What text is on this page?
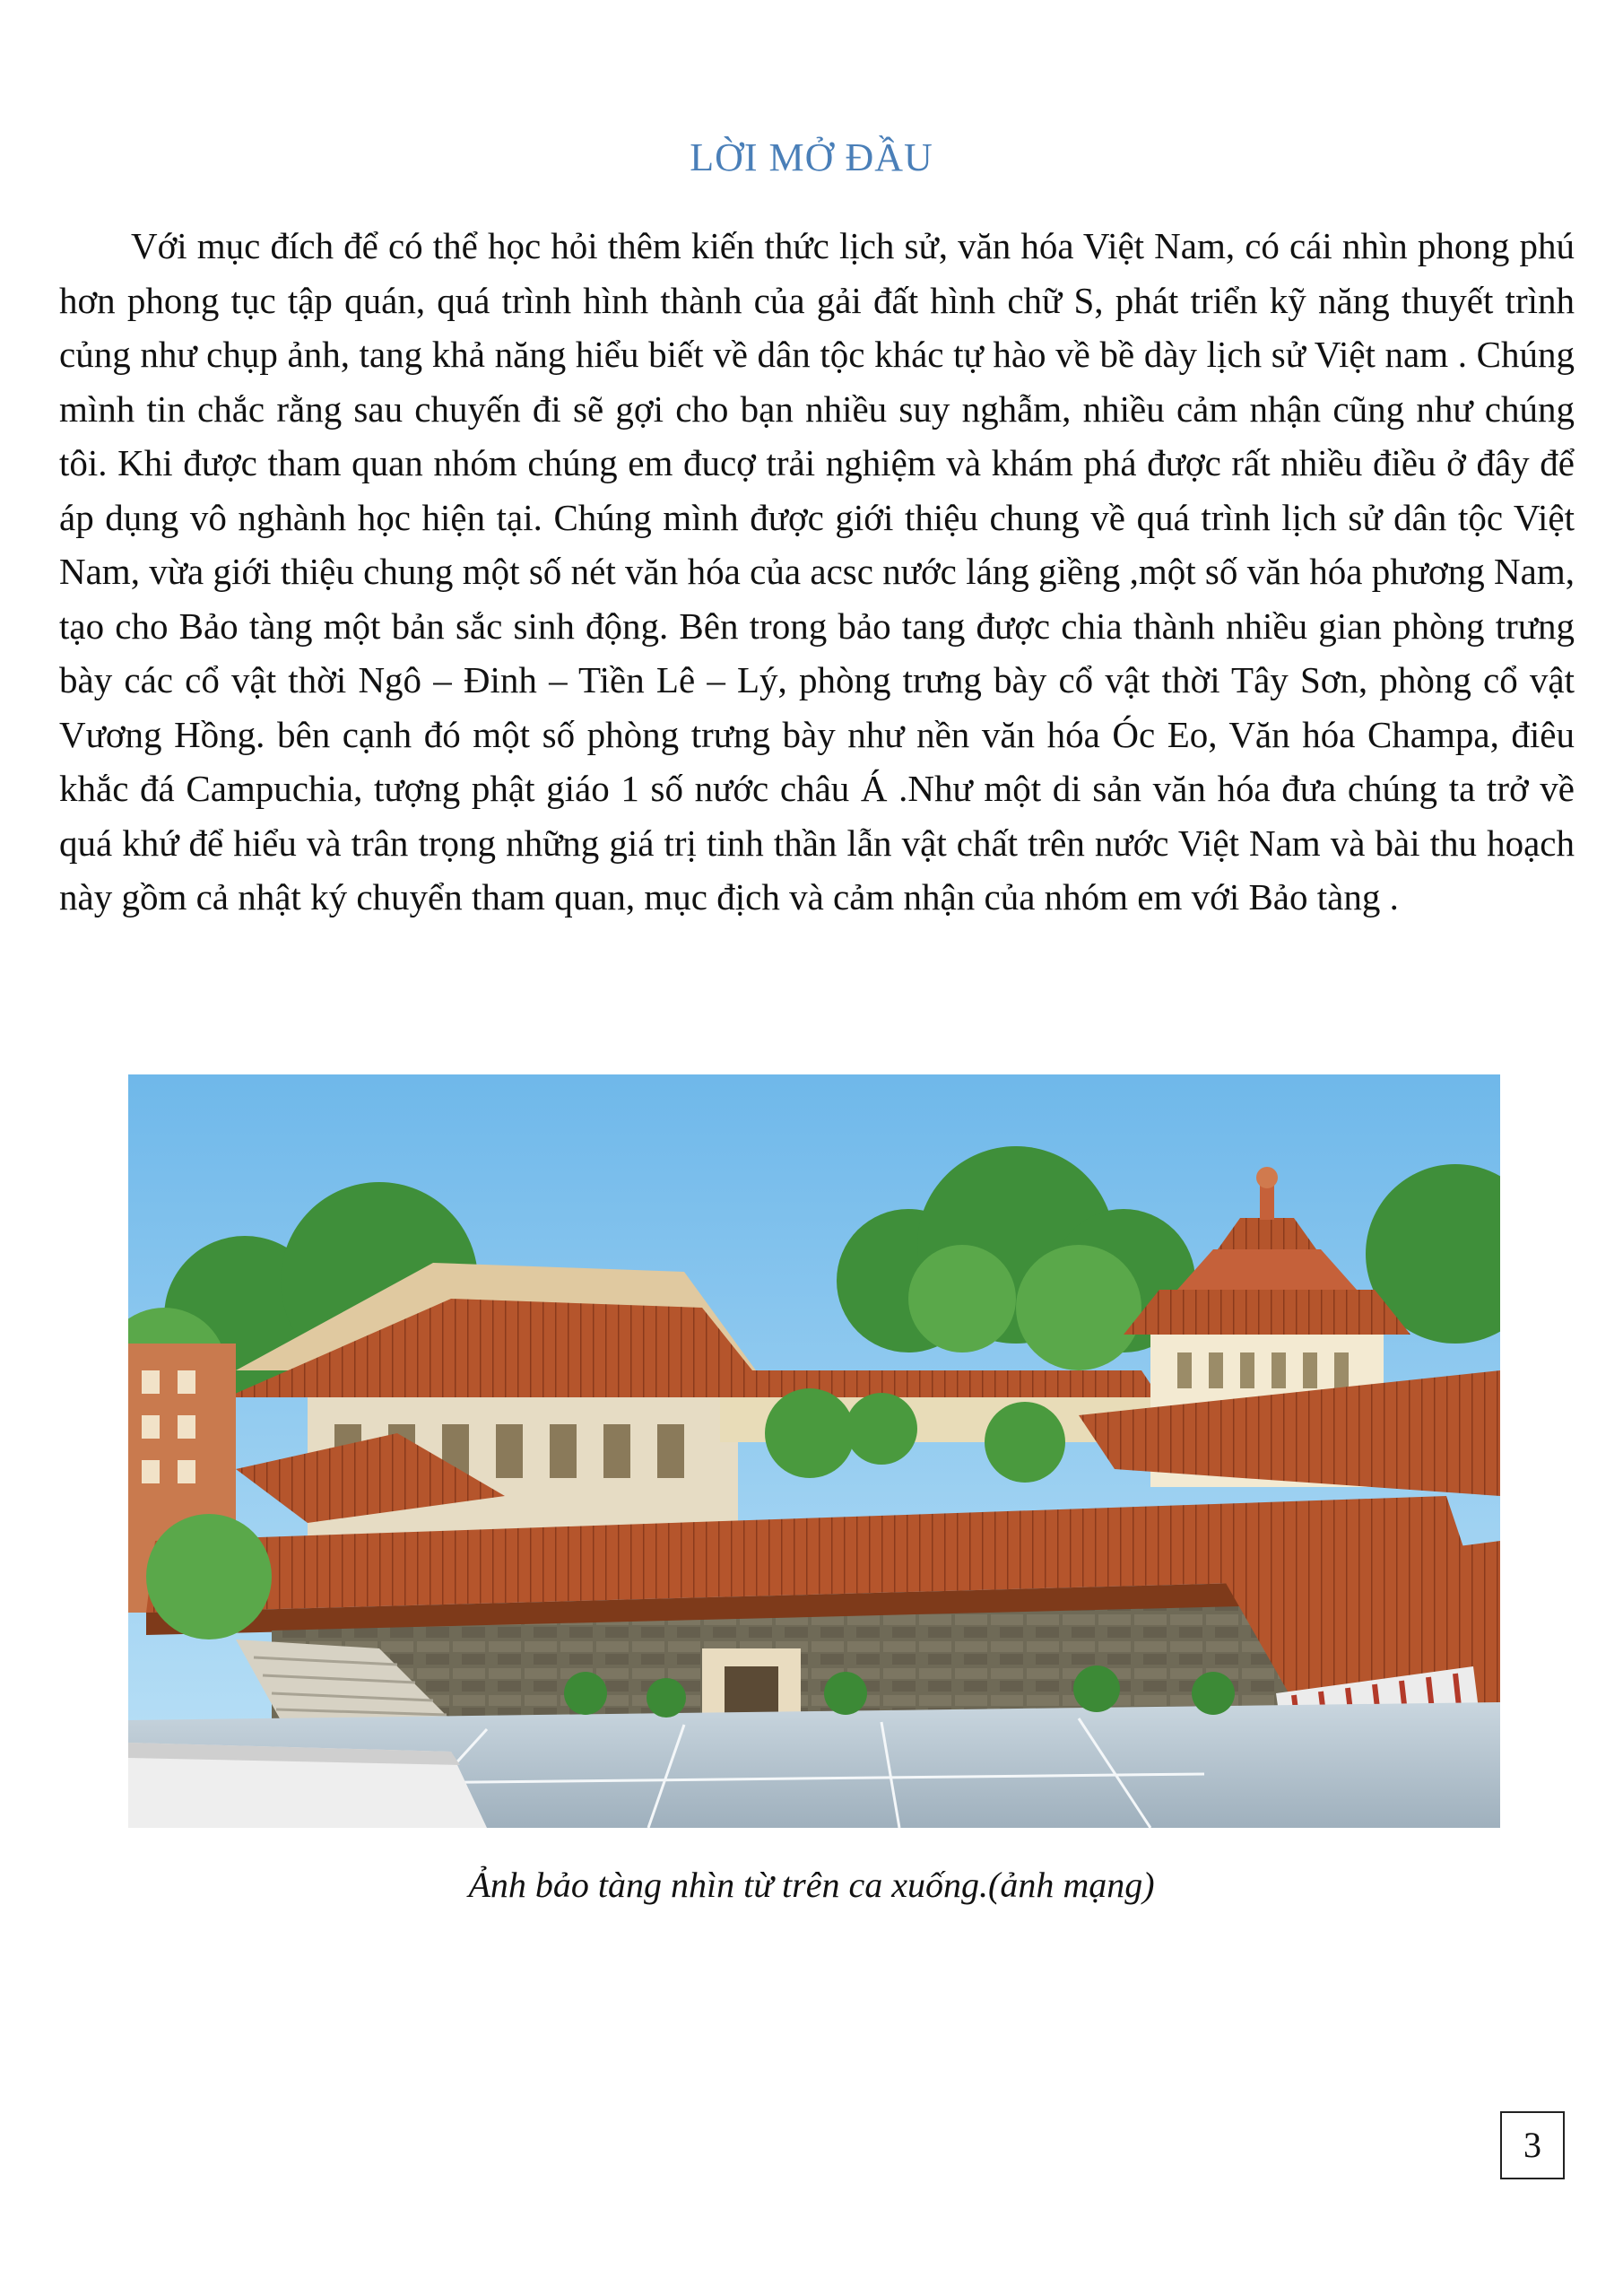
LỜI MỞ ĐẦU

Với mục đích để có thể học hỏi thêm kiến thức lịch sử, văn hóa Việt Nam, có cái nhìn phong phú hơn phong tục tập quán, quá trình hình thành của gải đất hình chữ S, phát triển kỹ năng thuyết trình củng như chụp ảnh, tang khả năng hiểu biết về dân tộc khác tự hào về bề dày lịch sử Việt nam . Chúng mình tin chắc rằng sau chuyến đi sẽ gợi cho bạn nhiều suy nghẫm, nhiều cảm nhận cũng như chúng tôi. Khi được tham quan nhóm chúng em đucợ trải nghiệm và khám phá được rất nhiều điều ở đây để áp dụng vô nghành học hiện tại. Chúng mình được giới thiệu chung về quá trình lịch sử dân tộc Việt Nam, vừa giới thiệu chung một số nét văn hóa của acsc nước láng giềng ,một số văn hóa phương Nam, tạo cho Bảo tàng một bản sắc sinh động. Bên trong bảo tang được chia thành nhiều gian phòng trưng bày các cổ vật thời Ngô – Đinh – Tiền Lê – Lý, phòng trưng bày cổ vật thời Tây Sơn, phòng cổ vật Vương Hồng. bên cạnh đó một số phòng trưng bày như nền văn hóa Óc Eo, Văn hóa Champa, điêu khắc đá Campuchia, tượng phật giáo 1 số nước châu Á .Như một di sản văn hóa đưa chúng ta trở về quá khứ để hiểu và trân trọng những giá trị tinh thần lẫn vật chất trên nước Việt Nam và bài thu hoạch này gồm cả nhật ký chuyển tham quan, mục địch và cảm nhận của nhóm em với Bảo tàng .

Ảnh bảo tàng nhìn từ trên ca xuống.(ảnh mạng)

3
